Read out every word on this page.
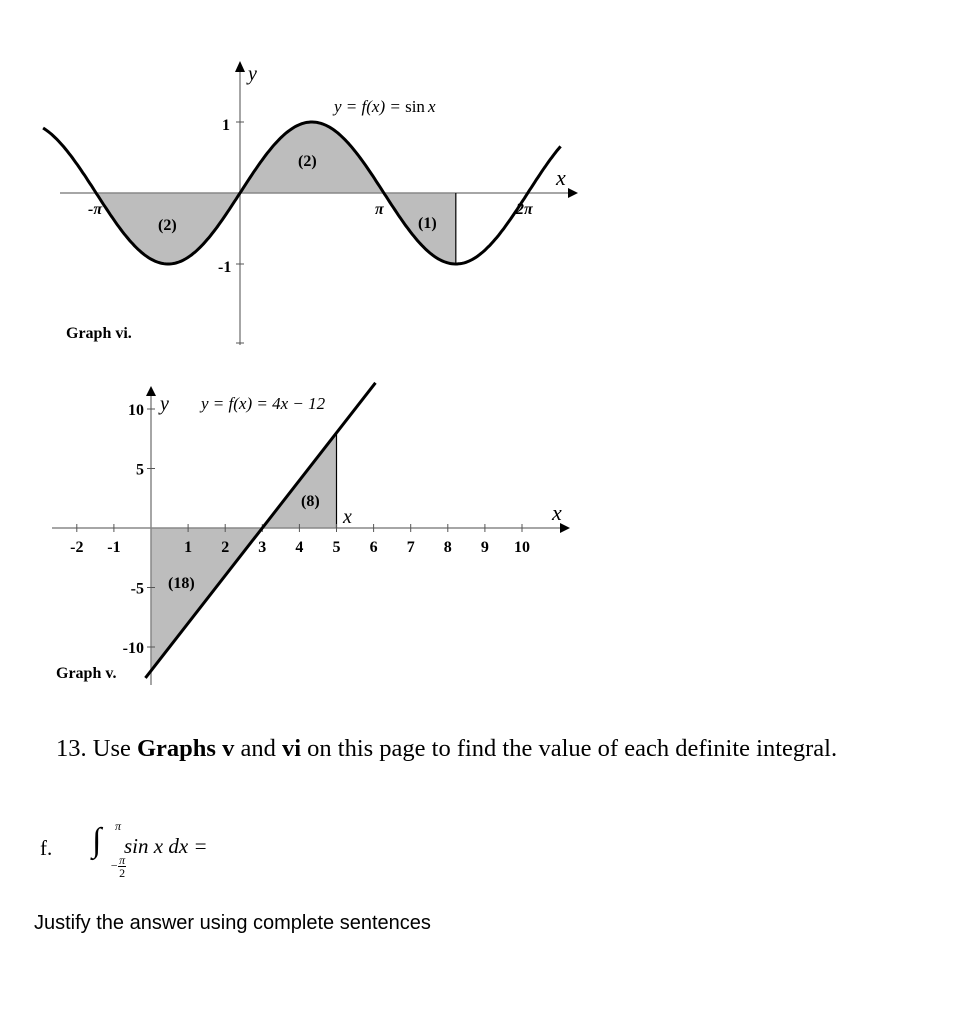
y
x
1
-1
-π	π	2π
y = f(x) = sin x
(2)
(2)	(1)
Graph vi.
-2 -1	1 2 3 4 5 6 7 8 9 10
10
5
-5
-10
y
x
x
y = f(x) = 4x − 12
(8)
(18)
Graph v.
13. Use Graphs v and vi on this page to find the value of each definite integral.
f. ∫ π
− $\frac{\pi}{2}$
sin x dx =
Justify the answer using complete sentences
